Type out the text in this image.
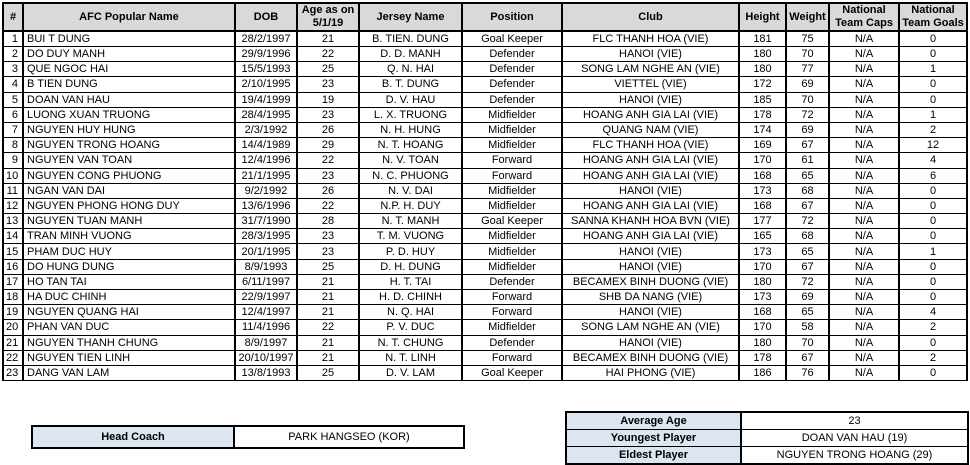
#	AFC Popular Name	DOB	Age as on 5/1/19	Jersey Name	Position	Club	Height	Weight	National Team Caps	National Team Goals
1	BUI T DUNG	28/2/1997	21	B. TIEN. DUNG	Goal Keeper	FLC THANH HOA (VIE)	181	75	N/A	0
2	DO DUY MANH	29/9/1996	22	D. D. MANH	Defender	HANOI (VIE)	180	70	N/A	0
3	QUE NGOC HAI	15/5/1993	25	Q. N. HAI	Defender	SONG LAM NGHE AN (VIE)	180	77	N/A	1
4	B TIEN DUNG	2/10/1995	23	B. T. DUNG	Defender	VIETTEL (VIE)	172	69	N/A	0
5	DOAN VAN HAU	19/4/1999	19	D. V. HAU	Defender	HANOI (VIE)	185	70	N/A	0
6	LUONG XUAN TRUONG	28/4/1995	23	L. X. TRUONG	Midfielder	HOANG ANH GIA LAI (VIE)	178	72	N/A	1
7	NGUYEN HUY HUNG	2/3/1992	26	N. H. HUNG	Midfielder	QUANG NAM (VIE)	174	69	N/A	2
8	NGUYEN TRONG HOANG	14/4/1989	29	N. T. HOANG	Midfielder	FLC THANH HOA (VIE)	169	67	N/A	12
9	NGUYEN VAN TOAN	12/4/1996	22	N. V. TOAN	Forward	HOANG ANH GIA LAI (VIE)	170	61	N/A	4
10	NGUYEN CONG PHUONG	21/1/1995	23	N. C. PHUONG	Forward	HOANG ANH GIA LAI (VIE)	168	65	N/A	6
11	NGAN VAN DAI	9/2/1992	26	N. V. DAI	Midfielder	HANOI (VIE)	173	68	N/A	0
12	NGUYEN PHONG HONG DUY	13/6/1996	22	N.P. H. DUY	Midfielder	HOANG ANH GIA LAI (VIE)	168	67	N/A	0
13	NGUYEN TUAN MANH	31/7/1990	28	N. T. MANH	Goal Keeper	SANNA KHANH HOA BVN (VIE)	177	72	N/A	0
14	TRAN MINH VUONG	28/3/1995	23	T. M. VUONG	Midfielder	HOANG ANH GIA LAI (VIE)	165	68	N/A	0
15	PHAM DUC HUY	20/1/1995	23	P. D. HUY	Midfielder	HANOI (VIE)	173	65	N/A	1
16	DO HUNG DUNG	8/9/1993	25	D. H. DUNG	Midfielder	HANOI (VIE)	170	67	N/A	0
17	HO TAN TAI	6/11/1997	21	H. T. TAI	Defender	BECAMEX BINH DUONG (VIE)	180	72	N/A	0
18	HA DUC CHINH	22/9/1997	21	H. D. CHINH	Forward	SHB DA NANG (VIE)	173	69	N/A	0
19	NGUYEN QUANG HAI	12/4/1997	21	N. Q. HAI	Forward	HANOI (VIE)	168	65	N/A	4
20	PHAN VAN DUC	11/4/1996	22	P. V. DUC	Midfielder	SONG LAM NGHE AN (VIE)	170	58	N/A	2
21	NGUYEN THANH CHUNG	8/9/1997	21	N. T. CHUNG	Defender	HANOI (VIE)	180	70	N/A	0
22	NGUYEN TIEN LINH	20/10/1997	21	N. T. LINH	Forward	BECAMEX BINH DUONG (VIE)	178	67	N/A	2
23	DANG VAN LAM	13/8/1993	25	D. V. LAM	Goal Keeper	HAI PHONG (VIE)	186	76	N/A	0
Head Coach	PARK HANGSEO (KOR)
Average Age	23
Youngest Player	DOAN VAN HAU (19)
Eldest Player	NGUYEN TRONG HOANG (29)
